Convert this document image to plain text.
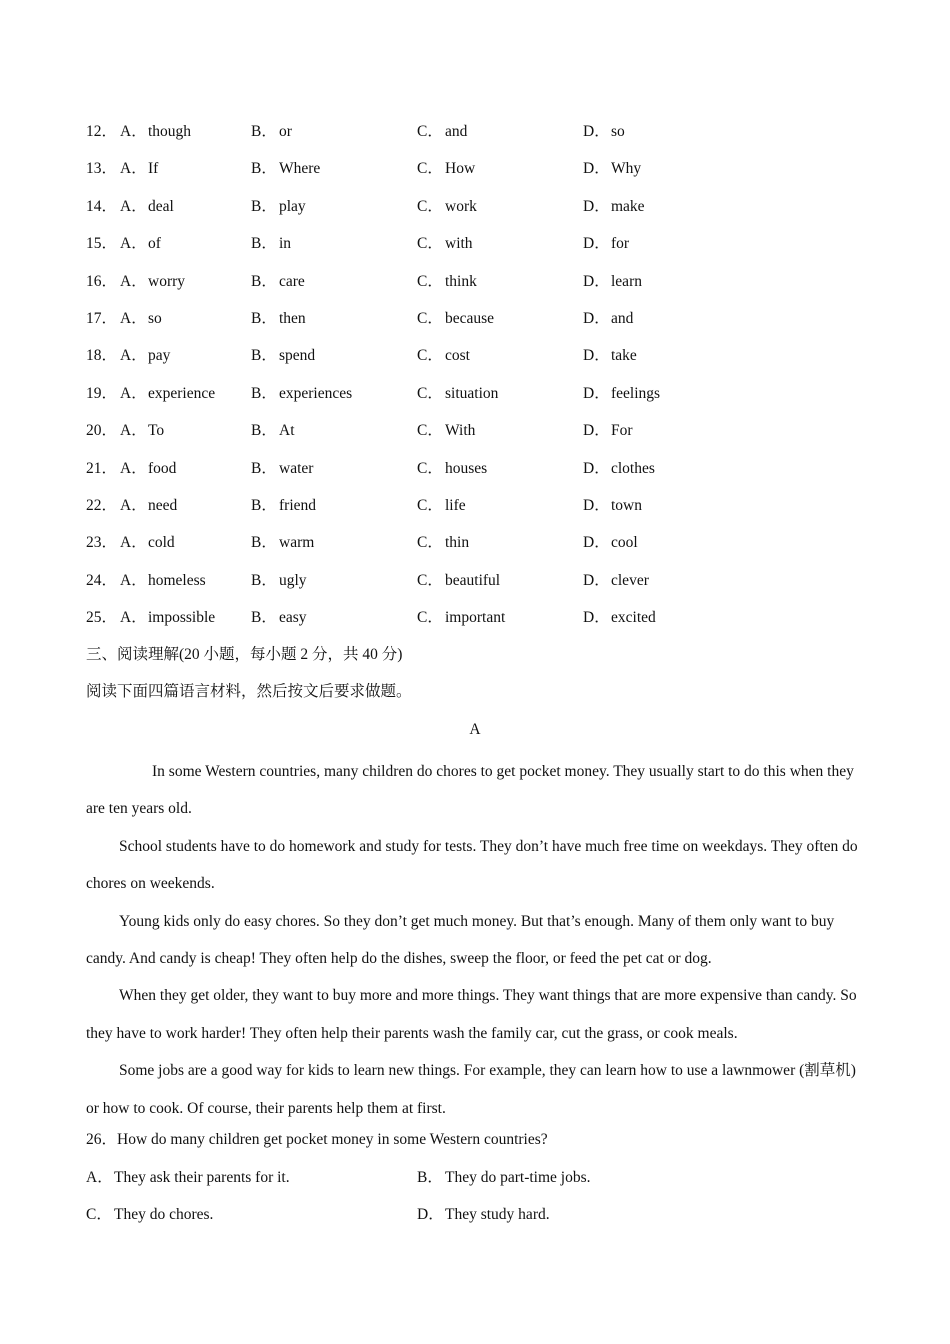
12． A．though	B． or	C． and	D．so
13． A．If	B． Where	C． How	D．Why
14． A．deal	B． play	C． work	D．make
15． A．of	B． in	C． with	D．for
16． A．worry	B． care	C． think	D．learn
17． A．so	B． then	C． because	D．and
18． A．pay	B． spend	C． cost	D．take
19． A．experience B． experiences	C． situation	D．feelings
20． A．To	B． At	C． With	D．For
21． A．food	B． water	C． houses	D．clothes
22． A．need	B． friend	C． life	D．town
23． A．cold	B． warm	C． thin	D．cool
24． A．homeless	B． ugly	C． beautiful	D．clever
25． A．impossible B． easy	C． important	D．excited
三、阅读理解(20 小题，每小题 2 分，共 40 分)
阅读下面四篇语言材料，然后按文后要求做题。
A

In some Western countries, many children do chores to get pocket money. They usually start to do this when they are ten years old.

School students have to do homework and study for tests. They don’t have much free time on weekdays. They often do chores on weekends.

Young kids only do easy chores. So they don’t get much money. But that’s enough. Many of them only want to buy candy. And candy is cheap! They often help do the dishes, sweep the floor, or feed the pet cat or dog.

When they get older, they want to buy more and more things. They want things that are more expensive than candy. So they have to work harder! They often help their parents wash the family car, cut the grass, or cook meals.

Some jobs are a good way for kids to learn new things. For example, they can learn how to use a lawnmower (割草机) or how to cook. Of course, their parents help them at first.

26．How do many children get pocket money in some Western countries?
A．They ask their parents for it.	B． They do part-time jobs.
C． They do chores.	D．They study hard.
